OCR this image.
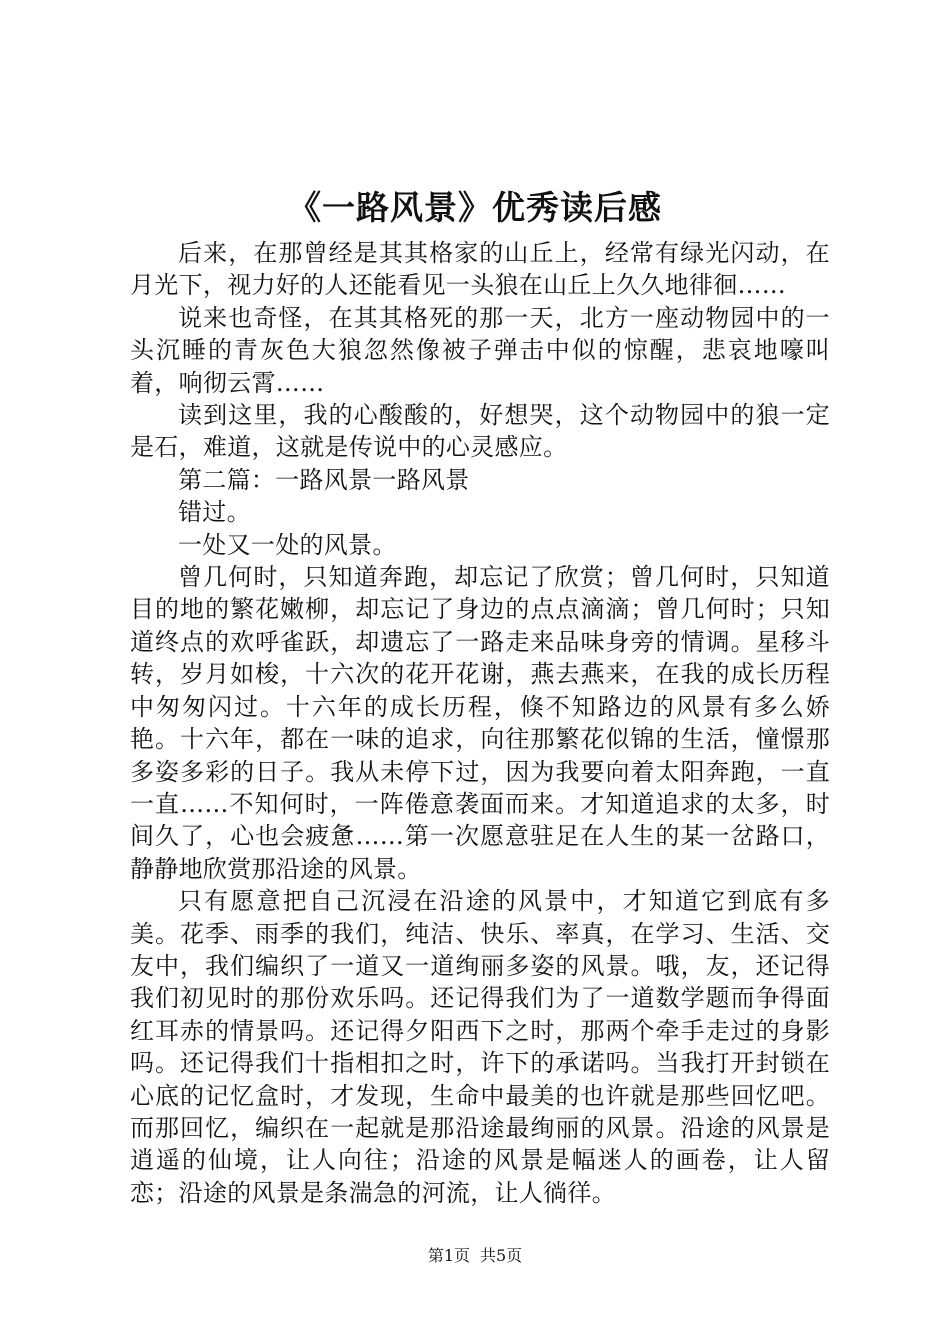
《一路风景》优秀读后感

后来，在那曾经是其其格家的山丘上，经常有绿光闪动，在月光下，视力好的人还能看见一头狼在山丘上久久地徘徊……

说来也奇怪，在其其格死的那一天，北方一座动物园中的一头沉睡的青灰色大狼忽然像被子弹击中似的惊醒，悲哀地嚎叫着，响彻云霄……

读到这里，我的心酸酸的，好想哭，这个动物园中的狼一定是石，难道，这就是传说中的心灵感应。

第二篇：一路风景一路风景

错过。

一处又一处的风景。

曾几何时，只知道奔跑，却忘记了欣赏；曾几何时，只知道目的地的繁花嫩柳，却忘记了身边的点点滴滴；曾几何时；只知道终点的欢呼雀跃，却遗忘了一路走来品味身旁的情调。星移斗转，岁月如梭，十六次的花开花谢，燕去燕来，在我的成长历程中匆匆闪过。十六年的成长历程，倏不知路边的风景有多么娇艳。十六年，都在一味的追求，向往那繁花似锦的生活，憧憬那多姿多彩的日子。我从未停下过，因为我要向着太阳奔跑，一直一直……不知何时，一阵倦意袭面而来。才知道追求的太多，时间久了，心也会疲惫……第一次愿意驻足在人生的某一岔路口，静静地欣赏那沿途的风景。

只有愿意把自己沉浸在沿途的风景中，才知道它到底有多美。花季、雨季的我们，纯洁、快乐、率真，在学习、生活、交友中，我们编织了一道又一道绚丽多姿的风景。哦，友，还记得我们初见时的那份欢乐吗。还记得我们为了一道数学题而争得面红耳赤的情景吗。还记得夕阳西下之时，那两个牵手走过的身影吗。还记得我们十指相扣之时，许下的承诺吗。当我打开封锁在心底的记忆盒时，才发现，生命中最美的也许就是那些回忆吧。而那回忆，编织在一起就是那沿途最绚丽的风景。沿途的风景是逍遥的仙境，让人向往；沿途的风景是幅迷人的画卷，让人留恋；沿途的风景是条湍急的河流，让人徜徉。

第1页 共5页
